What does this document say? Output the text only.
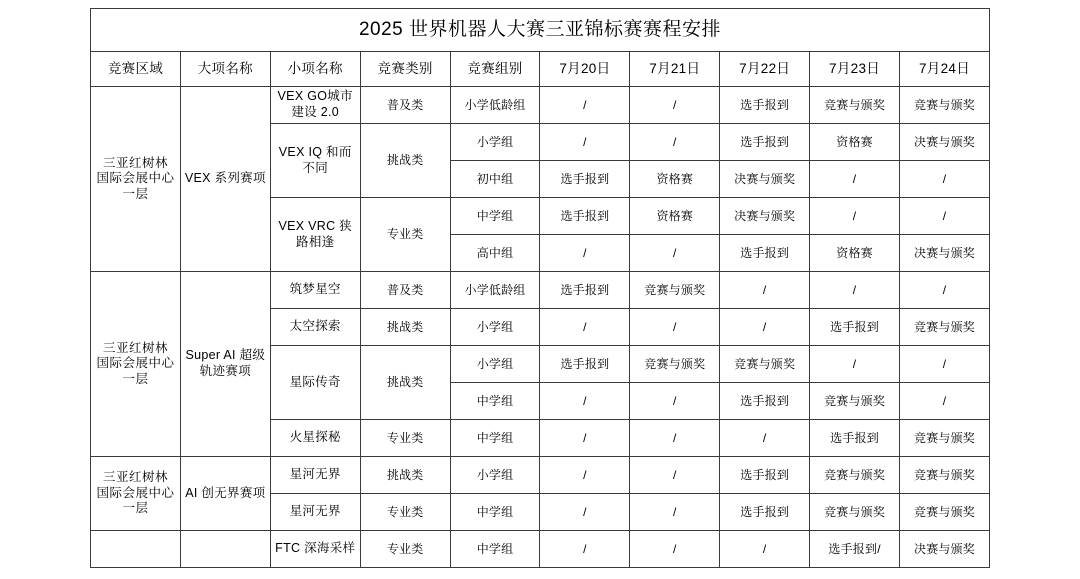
2025 世界机器人大赛三亚锦标赛赛程安排									
竞赛区域	大项名称	小项名称	竞赛类别	竞赛组别	7月20日	7月21日	7月22日	7月23日	7月24日

三亚红树林
国际会展中心一层	VEX 系列赛项	VEX GO城市建设 2.0	普及类	小学低龄组	/	/	选手报到	竞赛与颁奖	竞赛与颁奖
		VEX IQ 和而不同	挑战类	小学组	/	/	选手报到	资格赛	决赛与颁奖
				初中组	选手报到	资格赛	决赛与颁奖	/	/
		VEX VRC 狭路相逢	专业类	中学组	选手报到	资格赛	决赛与颁奖	/	/
				高中组	/	/	选手报到	资格赛	决赛与颁奖

三亚红树林
国际会展中心一层	Super AI 超级轨迹赛项	筑梦星空	普及类	小学低龄组	选手报到	竞赛与颁奖	/	/	/
		太空探索	挑战类	小学组	/	/	/	选手报到	竞赛与颁奖
		星际传奇	挑战类	小学组	选手报到	竞赛与颁奖	竞赛与颁奖	/	/
				中学组	/	/	选手报到	竞赛与颁奖	/
		火星探秘	专业类	中学组	/	/	/	选手报到	竞赛与颁奖

三亚红树林
国际会展中心一层	AI 创无界赛项	星河无界	挑战类	小学组	/	/	选手报到	竞赛与颁奖	竞赛与颁奖
		星河无界	专业类	中学组	/	/	选手报到	竞赛与颁奖	竞赛与颁奖

		FTC 深海采样	专业类	中学组	/	/	/	选手报到/	决赛与颁奖
